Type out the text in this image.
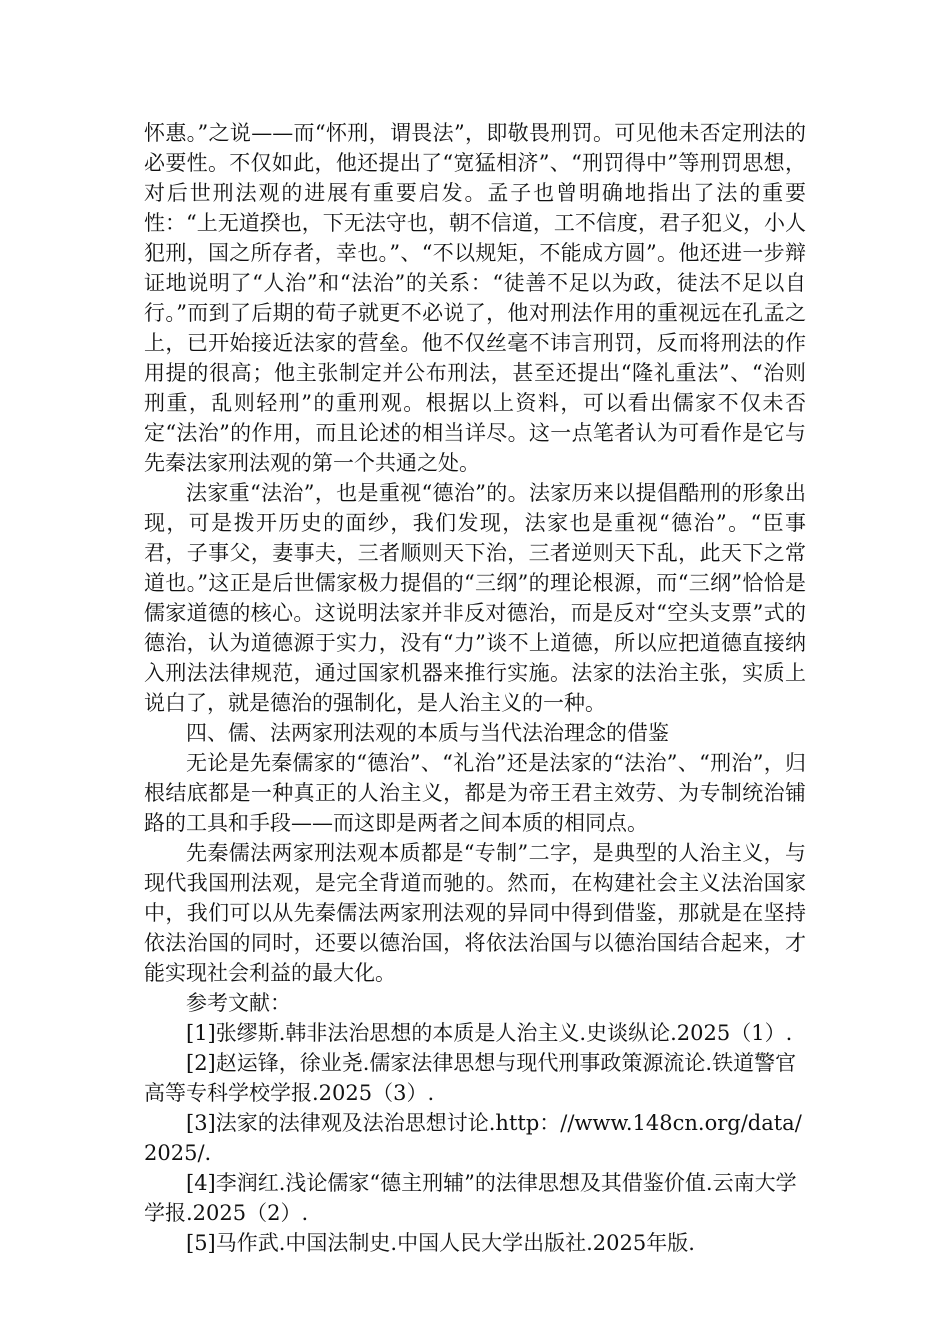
怀惠。”之说——而“怀刑，谓畏法”，即敬畏刑罚。可见他未否定刑法的必要性。不仅如此，他还提出了“宽猛相济”、“刑罚得中”等刑罚思想，对后世刑法观的进展有重要启发。孟子也曾明确地指出了法的重要性：“上无道揆也，下无法守也，朝不信道，工不信度，君子犯义，小人犯刑，国之所存者，幸也。”、“不以规矩，不能成方圆”。他还进一步辩证地说明了“人治”和“法治”的关系：“徒善不足以为政，徒法不足以自行。”而到了后期的荀子就更不必说了，他对刑法作用的重视远在孔孟之上，已开始接近法家的营垒。他不仅丝毫不讳言刑罚，反而将刑法的作用提的很高；他主张制定并公布刑法，甚至还提出“隆礼重法”、“治则刑重，乱则轻刑”的重刑观。根据以上资料，可以看出儒家不仅未否定“法治”的作用，而且论述的相当详尽。这一点笔者认为可看作是它与先秦法家刑法观的第一个共通之处。

法家重“法治”，也是重视“德治”的。法家历来以提倡酷刑的形象出现，可是拨开历史的面纱，我们发现，法家也是重视“德治”。“臣事君，子事父，妻事夫，三者顺则天下治，三者逆则天下乱，此天下之常道也。”这正是后世儒家极力提倡的“三纲”的理论根源，而“三纲”恰恰是儒家道德的核心。这说明法家并非反对德治，而是反对“空头支票”式的德治，认为道德源于实力，没有“力”谈不上道德，所以应把道德直接纳入刑法法律规范，通过国家机器来推行实施。法家的法治主张，实质上说白了，就是德治的强制化，是人治主义的一种。

四、儒、法两家刑法观的本质与当代法治理念的借鉴

无论是先秦儒家的“德治”、“礼治”还是法家的“法治”、“刑治”，归根结底都是一种真正的人治主义，都是为帝王君主效劳、为专制统治铺路的工具和手段——而这即是两者之间本质的相同点。

先秦儒法两家刑法观本质都是“专制”二字，是典型的人治主义，与现代我国刑法观，是完全背道而驰的。然而，在构建社会主义法治国家中，我们可以从先秦儒法两家刑法观的异同中得到借鉴，那就是在坚持依法治国的同时，还要以德治国，将依法治国与以德治国结合起来，才能实现社会利益的最大化。

参考文献：

[1]张缪斯.韩非法治思想的本质是人治主义.史谈纵论.2025（1）.

[2]赵运锋，徐业尧.儒家法律思想与现代刑事政策源流论.铁道警官高等专科学校学报.2025（3）.

[3]法家的法律观及法治思想讨论.http：//www.148cn.org/data/2025/.

[4]李润红.浅论儒家“德主刑辅”的法律思想及其借鉴价值.云南大学学报.2025（2）.

[5]马作武.中国法制史.中国人民大学出版社.2025年版.
